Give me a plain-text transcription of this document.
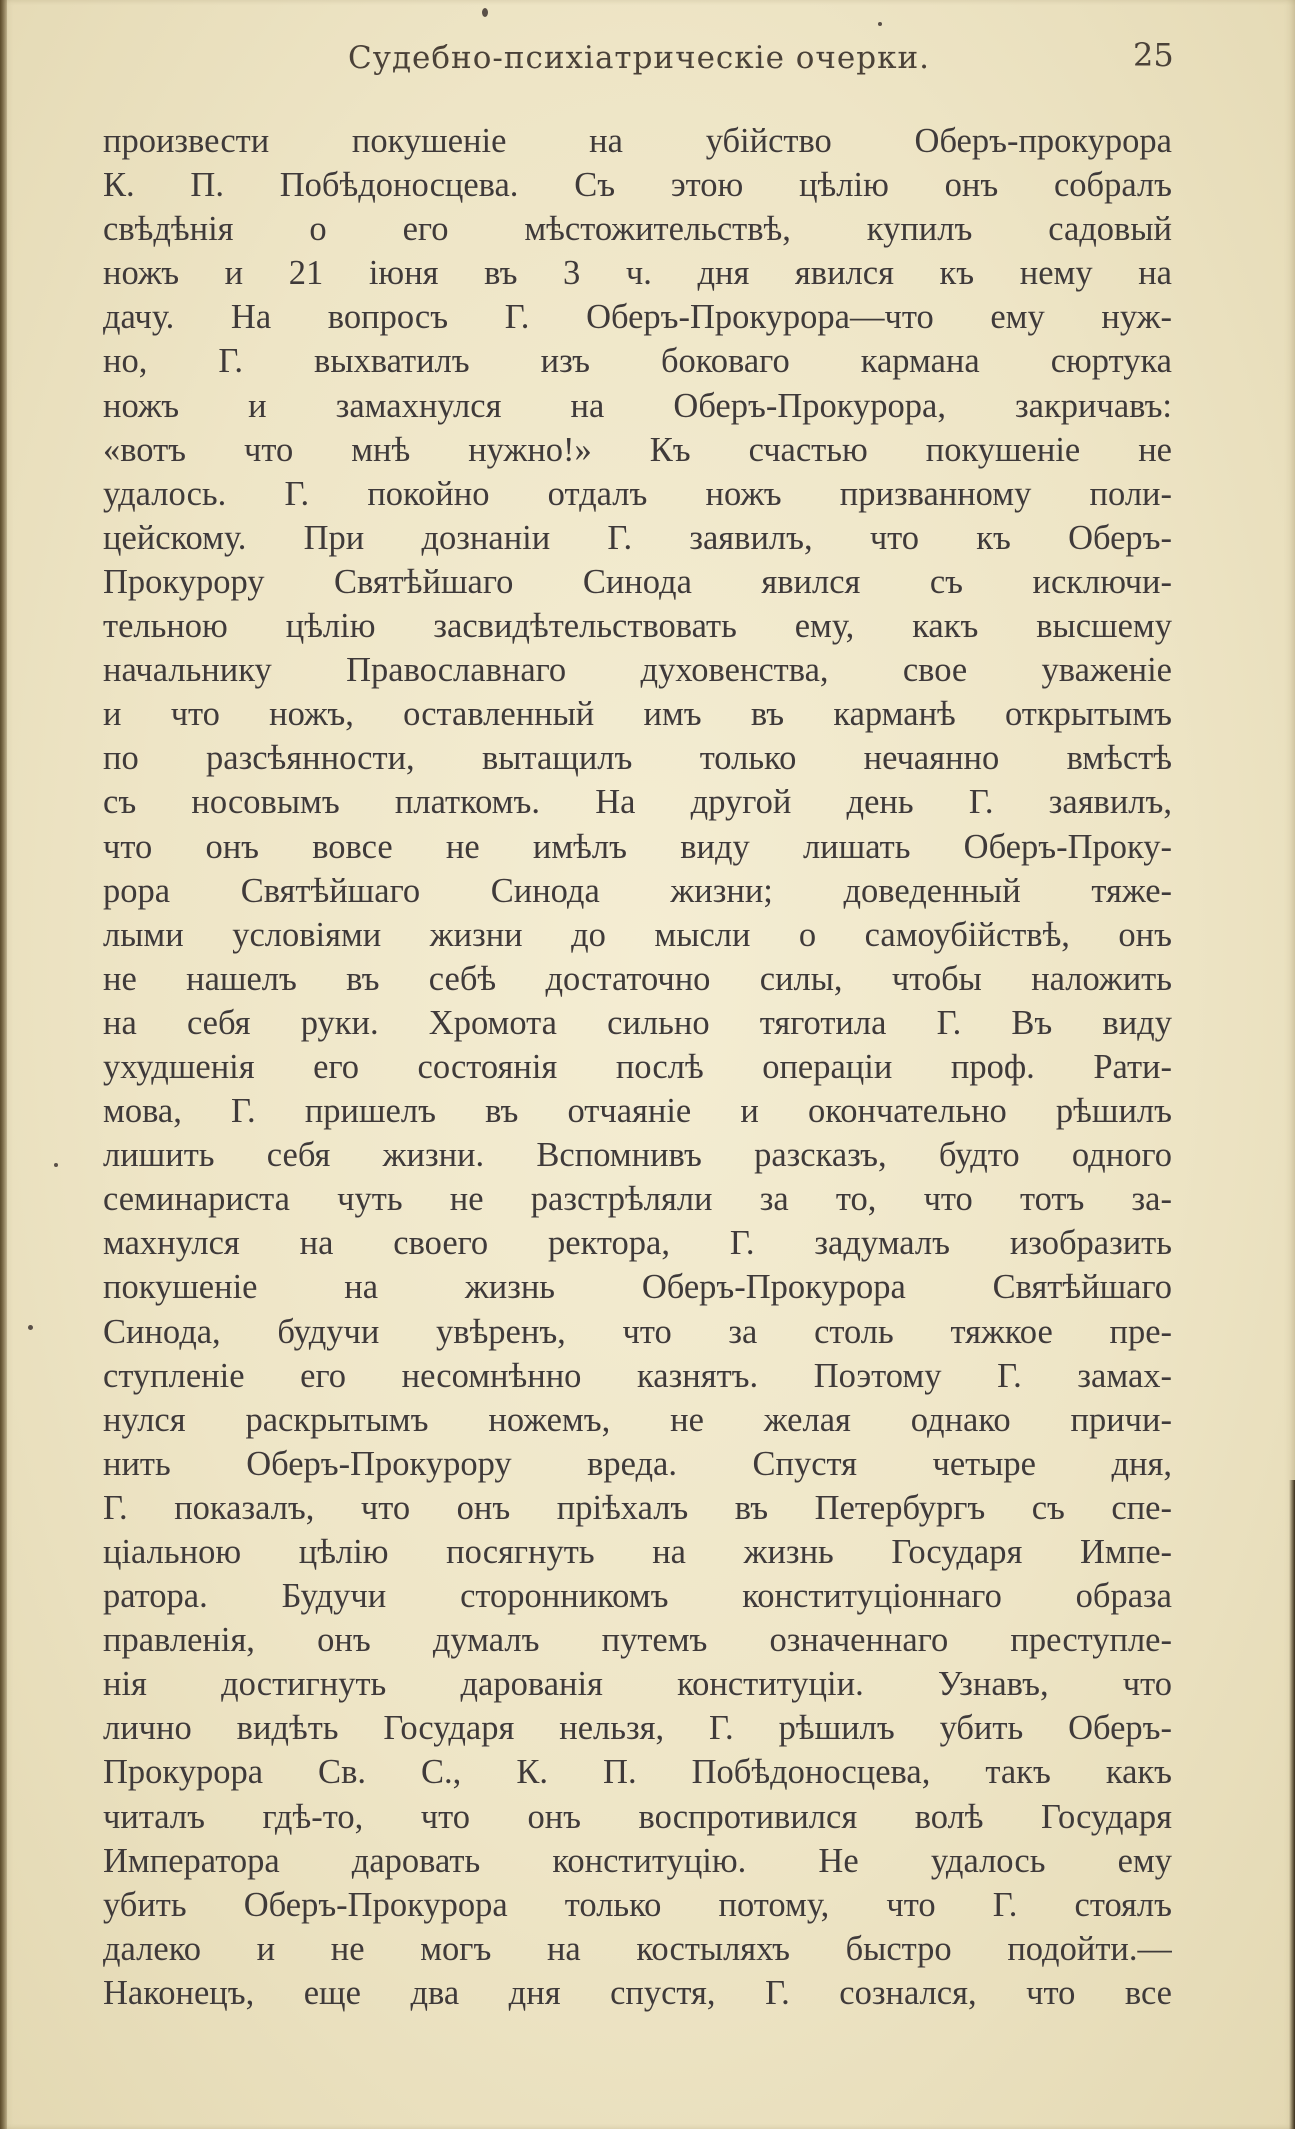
Судебно-психіатрическіе очерки.	25
произвести покушеніе на убійство Оберъ-прокурора
К. П. Побѣдоносцева. Съ этою цѣлію онъ собралъ
свѣдѣнія о его мѣстожительствѣ, купилъ садовый
ножъ и 21 іюня въ 3 ч. дня явился къ нему на
дачу. На вопросъ Г. Оберъ-Прокурора—что ему нуж-
но, Г. выхватилъ изъ боковаго кармана сюртука
ножъ и замахнулся на Оберъ-Прокурора, закричавъ:
«вотъ что мнѣ нужно!» Къ счастью покушеніе не
удалось. Г. покойно отдалъ ножъ призванному поли-
цейскому. При дознаніи Г. заявилъ, что къ Оберъ-
Прокурору Святѣйшаго Синода явился съ исключи-
тельною цѣлію засвидѣтельствовать ему, какъ высшему
начальнику Православнаго духовенства, свое уваженіе
и что ножъ, оставленный имъ въ карманѣ открытымъ
по разсѣянности, вытащилъ только нечаянно вмѣстѣ
съ носовымъ платкомъ. На другой день Г. заявилъ,
что онъ вовсе не имѣлъ виду лишать Оберъ-Проку-
рора Святѣйшаго Синода жизни; доведенный тяже-
лыми условіями жизни до мысли о самоубійствѣ, онъ
не нашелъ въ себѣ достаточно силы, чтобы наложить
на себя руки. Хромота сильно тяготила Г. Въ виду
ухудшенія его состоянія послѣ операціи проф. Рати-
мова, Г. пришелъ въ отчаяніе и окончательно рѣшилъ
лишить себя жизни. Вспомнивъ разсказъ, будто одного
семинариста чуть не разстрѣляли за то, что тотъ за-
махнулся на своего ректора, Г. задумалъ изобразить
покушеніе на жизнь Оберъ-Прокурора Святѣйшаго
Синода, будучи увѣренъ, что за столь тяжкое пре-
ступленіе его несомнѣнно казнятъ. Поэтому Г. замах-
нулся раскрытымъ ножемъ, не желая однако причи-
нить Оберъ-Прокурору вреда. Спустя четыре дня,
Г. показалъ, что онъ пріѣхалъ въ Петербургъ съ спе-
ціальною цѣлію посягнуть на жизнь Государя Импе-
ратора. Будучи сторонникомъ конституціоннаго образа
правленія, онъ думалъ путемъ означеннаго преступле-
нія достигнуть дарованія конституціи. Узнавъ, что
лично видѣть Государя нельзя, Г. рѣшилъ убить Оберъ-
Прокурора Св. С., К. П. Побѣдоносцева, такъ какъ
читалъ гдѣ-то, что онъ воспротивился волѣ Государя
Императора даровать конституцію. Не удалось ему
убить Оберъ-Прокурора только потому, что Г. стоялъ
далеко и не могъ на костыляхъ быстро подойти.—
Наконецъ, еще два дня спустя, Г. сознался, что все
